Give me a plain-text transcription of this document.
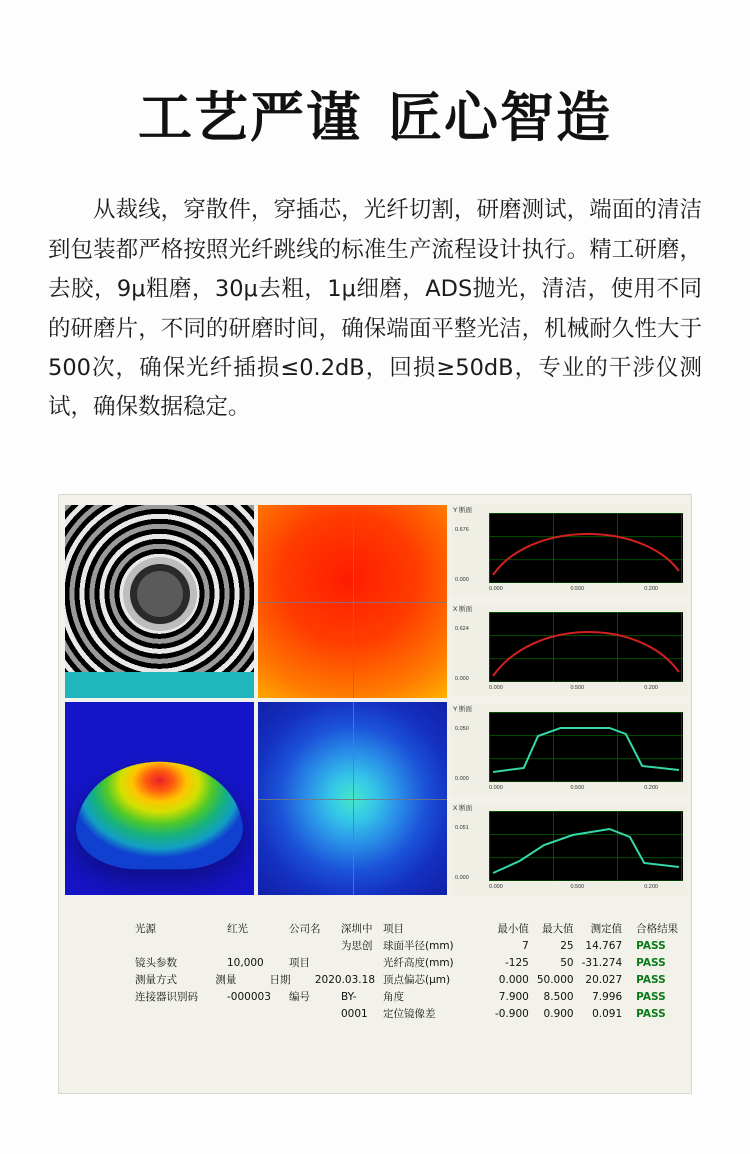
工艺严谨 匠心智造

从裁线，穿散件，穿插芯，光纤切割，研磨测试，端面的清洁到包装都严格按照光纤跳线的标准生产流程设计执行。精工研磨，去胶，9μ粗磨，30μ去粗，1μ细磨，ADS抛光，清洁，使用不同的研磨片，不同的研磨时间，确保端面平整光洁，机械耐久性大于500次，确保光纤插损≤0.2dB，回损≥50dB，专业的干涉仪测试，确保数据稳定。

Y 断面
0.676
0.000
0.000	0.500	0.200
X 断面
0.624
0.000
0.000	0.500	0.200
Y 断面
0.050
0.000
0.000	0.500	0.200
X 断面
0.051
0.000
0.000	0.500	0.200
光源	红光	公司名	深圳中为思创
镜头参数	10,000	项目
测量方式	测量	日期	2020.03.18
连接器识别码	-000003	编号	BY-0001
项目	最小值	最大值	测定值	合格结果
球面半径(mm)	7	25	14.767	PASS
光纤高度(mm)	-125	50	-31.274	PASS
顶点偏芯(μm)	0.000	50.000	20.027	PASS
角度	7.900	8.500	7.996	PASS
定位镜像差	-0.900	0.900	0.091	PASS
